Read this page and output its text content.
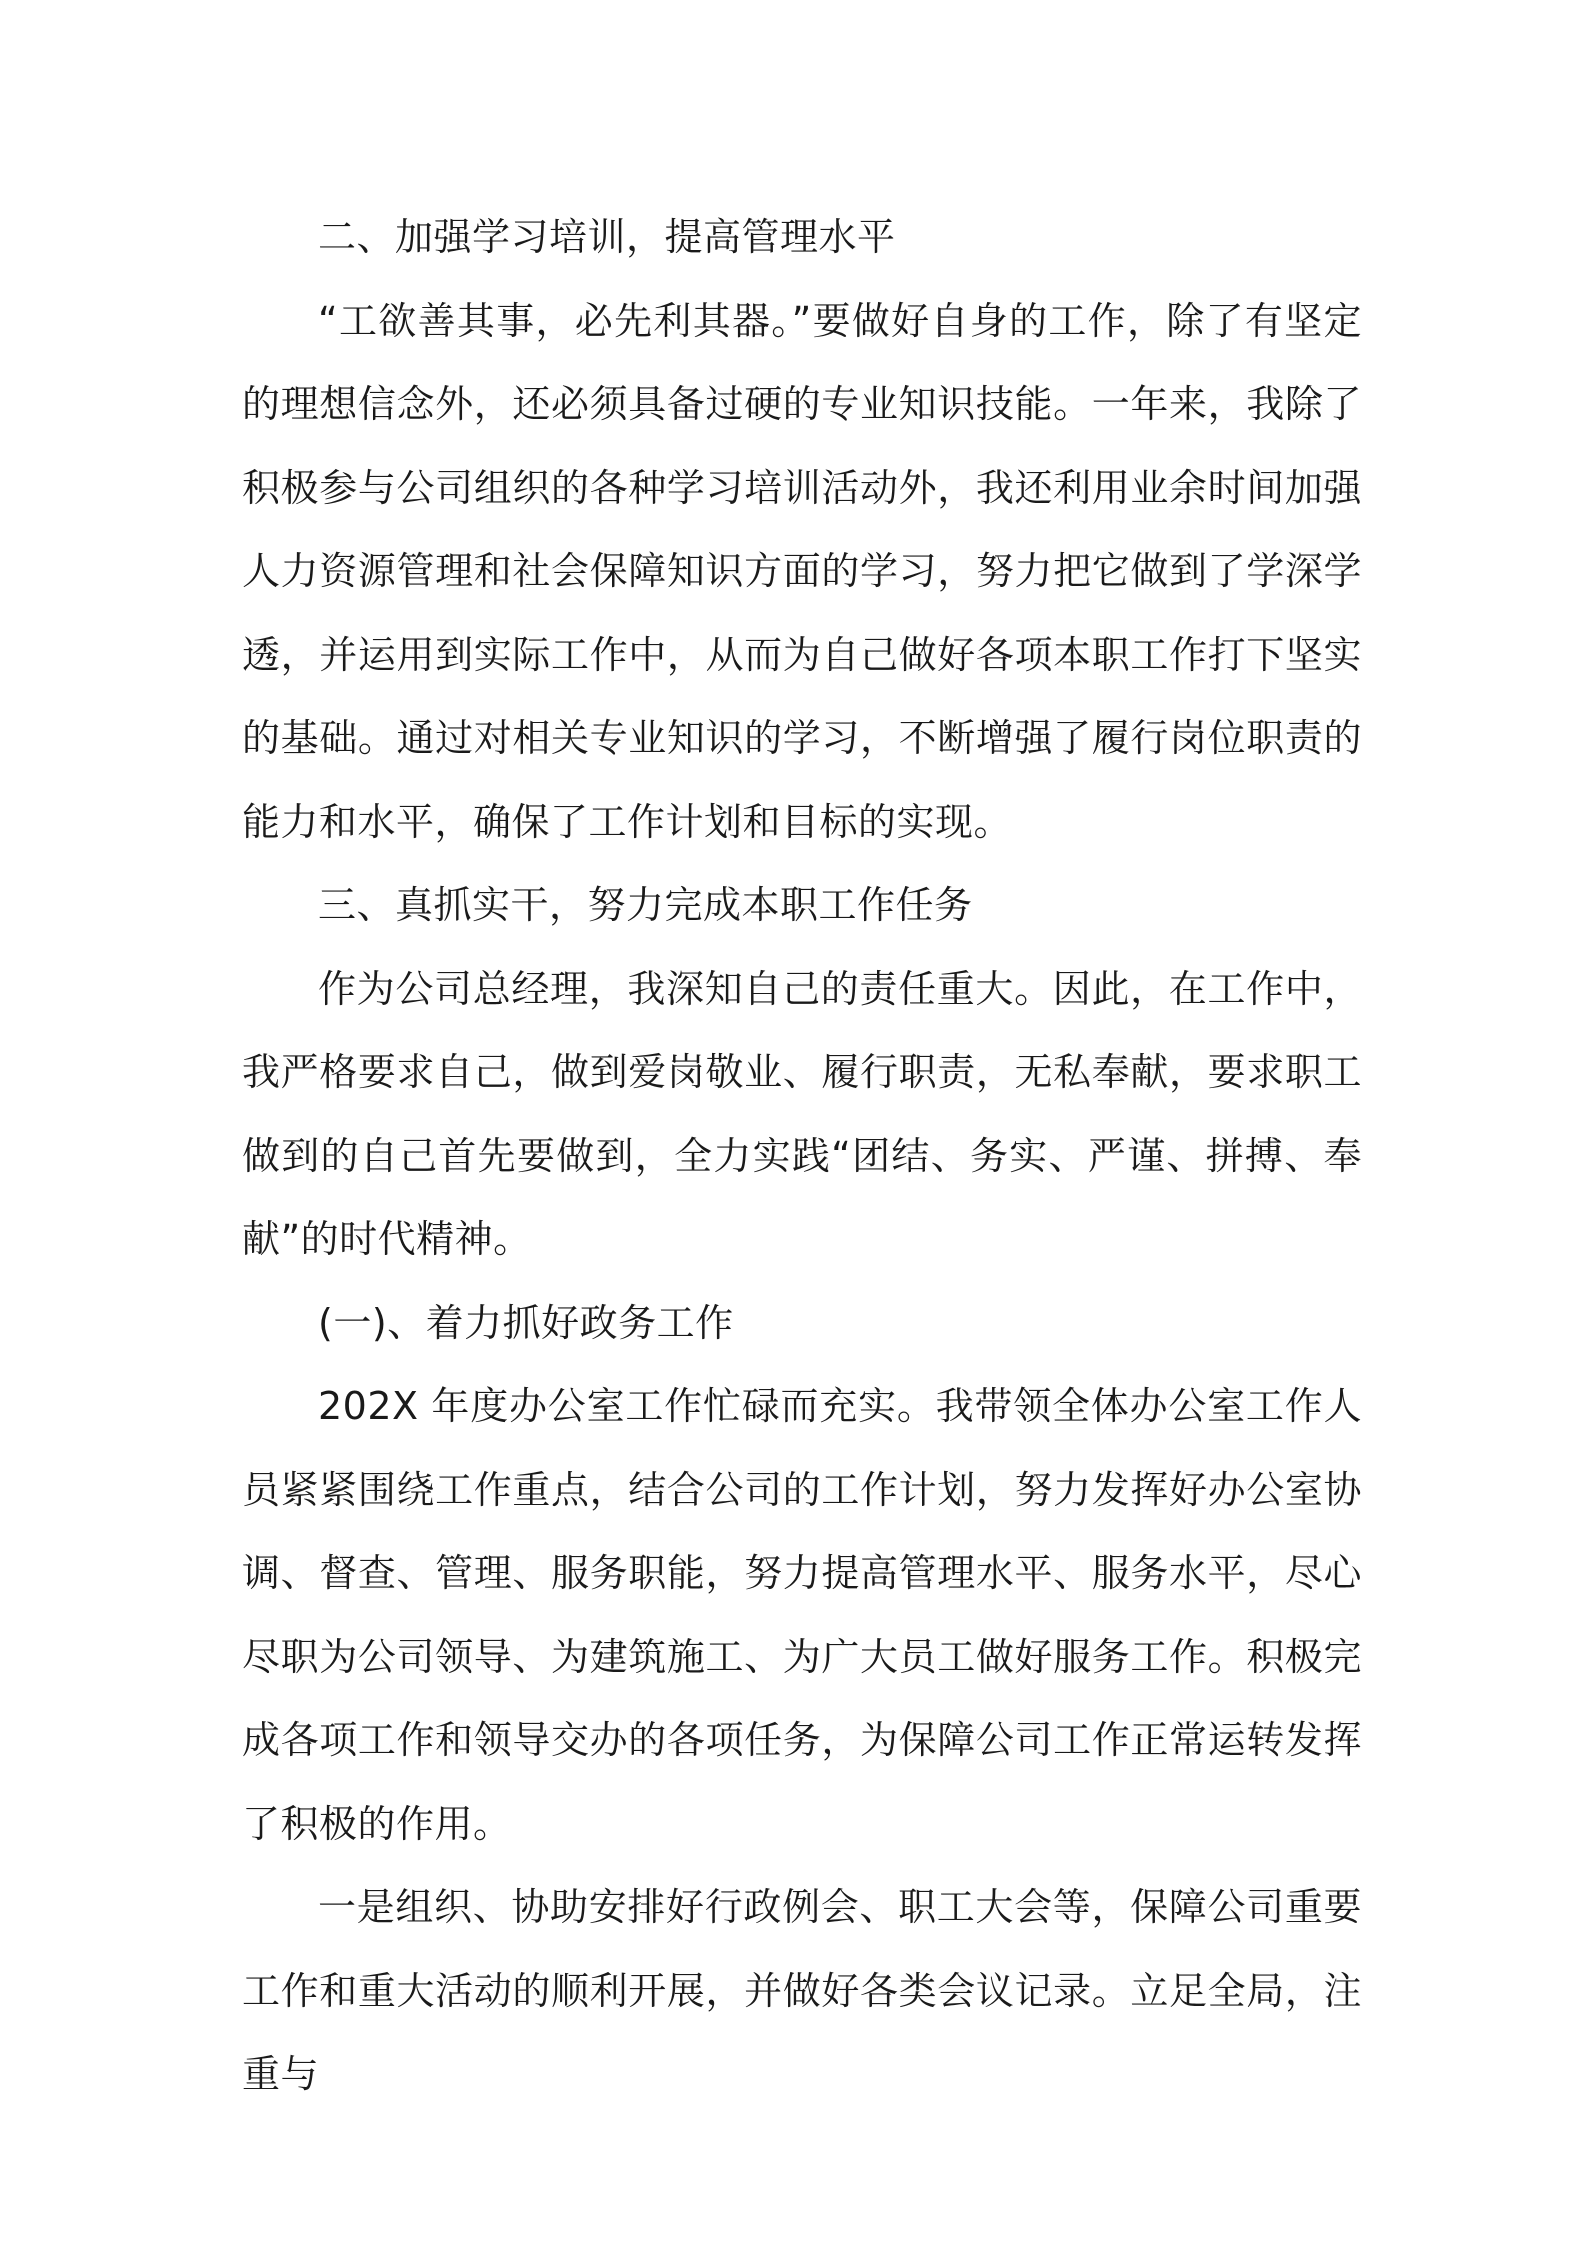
二、加强学习培训，提高管理水平

“工欲善其事，必先利其器。”要做好自身的工作，除了有坚定的理想信念外，还必须具备过硬的专业知识技能。一年来，我除了积极参与公司组织的各种学习培训活动外，我还利用业余时间加强人力资源管理和社会保障知识方面的学习，努力把它做到了学深学透，并运用到实际工作中，从而为自己做好各项本职工作打下坚实的基础。通过对相关专业知识的学习，不断增强了履行岗位职责的能力和水平，确保了工作计划和目标的实现。

三、真抓实干，努力完成本职工作任务

作为公司总经理，我深知自己的责任重大。因此，在工作中，我严格要求自己，做到爱岗敬业、履行职责，无私奉献，要求职工做到的自己首先要做到，全力实践“团结、务实、严谨、拼搏、奉献”的时代精神。

(一)、着力抓好政务工作

202X 年度办公室工作忙碌而充实。我带领全体办公室工作人员紧紧围绕工作重点，结合公司的工作计划，努力发挥好办公室协调、督查、管理、服务职能，努力提高管理水平、服务水平，尽心尽职为公司领导、为建筑施工、为广大员工做好服务工作。积极完成各项工作和领导交办的各项任务，为保障公司工作正常运转发挥了积极的作用。

一是组织、协助安排好行政例会、职工大会等，保障公司重要工作和重大活动的顺利开展，并做好各类会议记录。立足全局，注重与
